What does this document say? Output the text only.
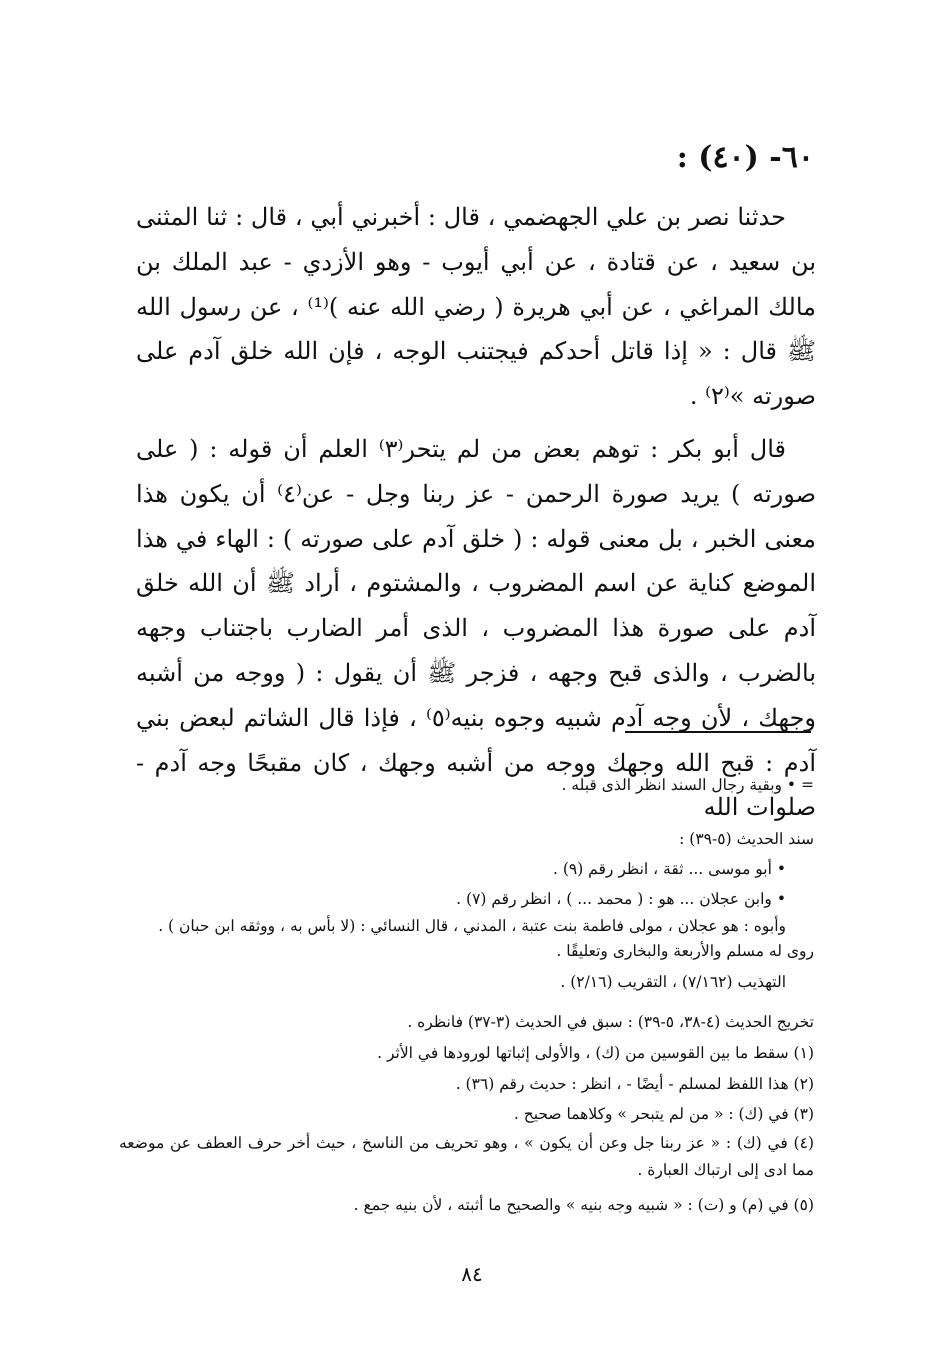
٦٠- (٤٠) :

حدثنا نصر بن علي الجهضمي ، قال : أخبرني أبي ، قال : ثنا المثنى بن سعيد ، عن قتادة ، عن أبي أيوب - وهو الأزدي - عبد الملك بن مالك المراغي ، عن أبي هريرة ( رضي الله عنه )⁽¹⁾ ، عن رسول الله ﷺ قال : « إذا قاتل أحدكم فيجتنب الوجه ، فإن الله خلق آدم على صورته »⁽٢⁾ .

قال أبو بكر : توهم بعض من لم يتحر⁽٣⁾ العلم أن قوله : ( على صورته ) يريد صورة الرحمن - عز ربنا وجل - عن⁽٤⁾ أن يكون هذا معنى الخبر ، بل معنى قوله : ( خلق آدم على صورته ) : الهاء في هذا الموضع كناية عن اسم المضروب ، والمشتوم ، أراد ﷺ أن الله خلق آدم على صورة هذا المضروب ، الذى أمر الضارب باجتناب وجهه بالضرب ، والذى قبح وجهه ، فزجر ﷺ أن يقول : ( ووجه من أشبه وجهك ، لأن وجه آدم شبيه وجوه بنيه⁽٥⁾ ، فإذا قال الشاتم لبعض بني آدم : قبح الله وجهك ووجه من أشبه وجهك ، كان مقبحًا وجه آدم - صلوات الله

= • وبقية رجال السند انظر الذى قبله .
سند الحديث (٥-٣٩) :
• أبو موسى ... ثقة ، انظر رقم (٩) .
• وابن عجلان ... هو : ( محمد ... ) ، انظر رقم (٧) .
وأبوه : هو عجلان ، مولى فاطمة بنت عتبة ، المدني ، قال النسائي : (لا بأس به ، ووثقه ابن حبان ) .
روى له مسلم والأربعة والبخارى وتعليقًا .
التهذيب (٧/١٦٢) ، التقريب (٢/١٦) .
تخريج الحديث (٤-٣٨، ٥-٣٩) : سبق في الحديث (٣-٣٧) فانظره .
(١) سقط ما بين القوسين من (ك) ، والأولى إثباتها لورودها في الأثر .
(٢) هذا اللفظ لمسلم - أيضًا - ، انظر : حديث رقم (٣٦) .
(٣) في (ك) : « من لم يتبحر » وكلاهما صحيح .
(٤) في (ك) : « عز ربنا جل وعن أن يكون » ، وهو تحريف من الناسخ ، حيث أخر حرف العطف عن موضعه مما ادى إلى ارتباك العبارة .
(٥) في (م) و (ت) : « شبيه وجه بنيه » والصحيح ما أثبته ، لأن بنيه جمع .
٨٤
